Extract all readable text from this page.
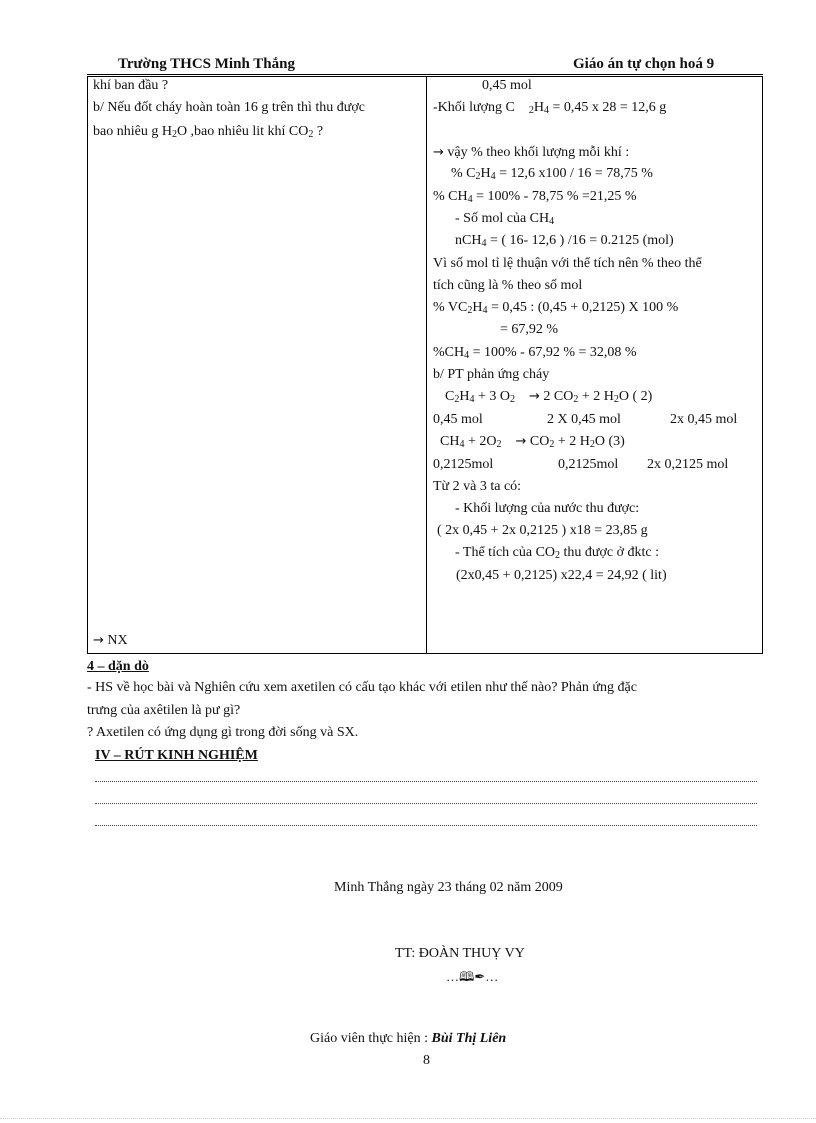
Trường THCS Minh Thắng	Giáo án tự chọn hoá 9
khí ban đầu ?
b/ Nếu đốt cháy hoàn toàn 16 g trên thì thu được
bao nhiêu g $H_2O$ ,bao nhiêu lit khí $CO_2$ ?
→ NX
0,45 mol
-Khối lượng C $_2H_4 = 0,45$ x 28 = 12,6 g
→ vậy % theo khối lượng mỗi khí :
% $C_2H_4 = 12,6$ x100 / 16 = 78,75 %
% $CH_4 = 100\% - 78,75$ % =21,25 %
- Số mol của $CH_4$
nCH$_4$ = ( 16- 12,6 ) /16 = 0.2125 (mol)
Vì số mol tỉ lệ thuận với thể tích nên % theo thể
tích cũng là % theo số mol
% $VC_2H_4 = 0,45$ : (0,45 + 0,2125) X 100 %
= 67,92 %
$\%CH_4 = 100\% - 67,92$ % = 32,08 %
b/ PT phản ứng cháy
$C_2H_4 + 3$ $O_2 \to 2$ $CO_2 + 2$ $H_2O$ ( 2)
0,45 mol	2 X 0,45 mol	2x 0,45 mol
$CH_4 + 2O_2 \to CO_2 + 2$ $H_2O$ (3)
0,2125mol	0,2125mol 2x 0,2125 mol
Từ 2 và 3 ta có:
- Khối lượng của nước thu được:
( 2x 0,45 + 2x 0,2125 ) x18 = 23,85 g
- Thể tích của $CO_2$ thu được ở đktc :
(2x0,45 + 0,2125) x22,4 = 24,92 ( lit)
4 – dặn dò
- HS về học bài và Nghiên cứu xem axetilen có cấu tạo khác với etilen như thế nào? Phản ứng đặc
trưng của axêtilen là pư gì?
? Axetilen có ứng dụng gì trong đời sống và SX.
IV – RÚT KINH NGHIỆM
Minh Thắng ngày 23 tháng 02 năm 2009
TT: ĐOÀN THUỴ VY
…🕮✒…
Giáo viên thực hiện : Bùi Thị Liên
8
